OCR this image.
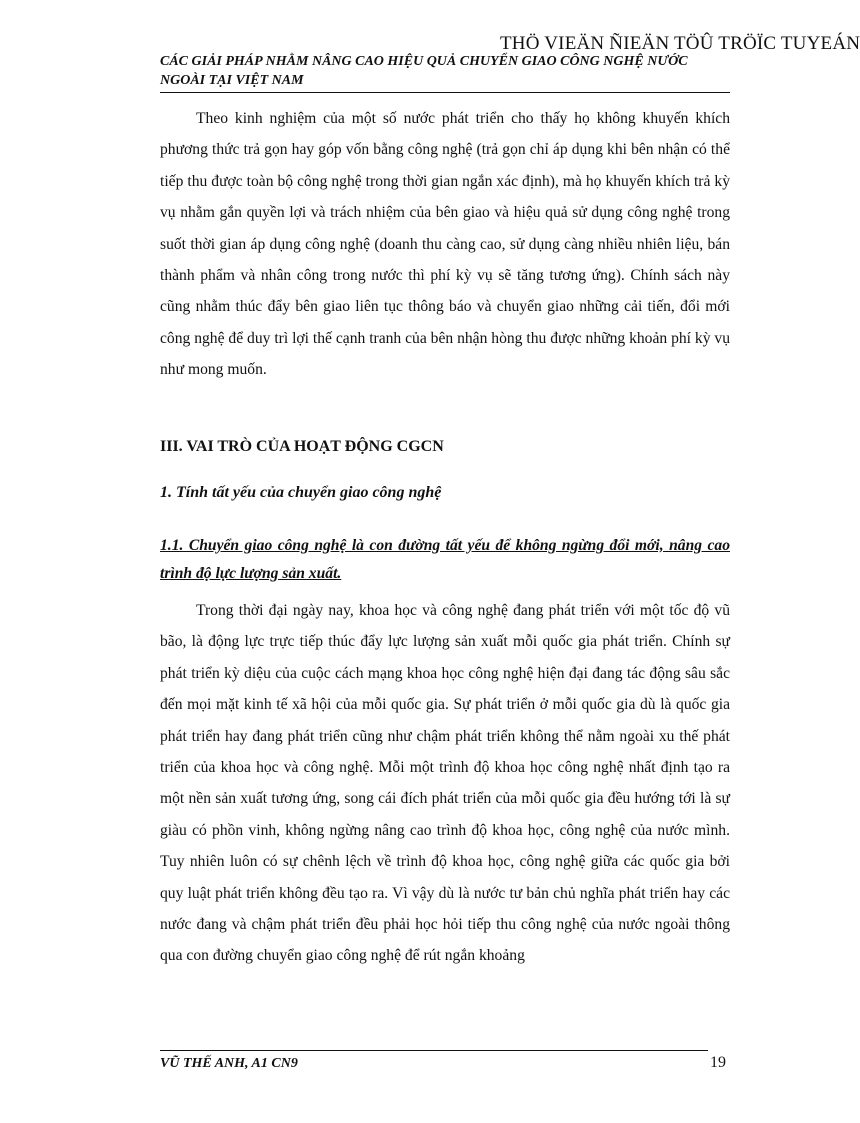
THÖ VIEÄN ÑIEÄN TÖÛ TRÖÏC TUYEÁN
CÁC GIẢI PHÁP NHẰM NÂNG CAO HIỆU QUẢ CHUYỂN GIAO CÔNG NGHỆ NƯỚC NGOÀI TẠI VIỆT NAM

Theo kinh nghiệm của một số nước phát triển cho thấy họ không khuyến khích phương thức trả gọn hay góp vốn bằng công nghệ (trả gọn chỉ áp dụng khi bên nhận có thể tiếp thu được toàn bộ công nghệ trong thời gian ngắn xác định), mà họ khuyến khích trả kỳ vụ nhằm gắn quyền lợi và trách nhiệm của bên giao và hiệu quả sử dụng công nghệ trong suốt thời gian áp dụng công nghệ (doanh thu càng cao, sử dụng càng nhiều nhiên liệu, bán thành phẩm và nhân công trong nước thì phí kỳ vụ sẽ tăng tương ứng). Chính sách này cũng nhằm thúc đẩy bên giao liên tục thông báo và chuyển giao những cải tiến, đổi mới công nghệ để duy trì lợi thế cạnh tranh của bên nhận hòng thu được những khoản phí kỳ vụ như mong muốn.

III. VAI TRÒ CỦA HOẠT ĐỘNG CGCN
1. Tính tất yếu của chuyển giao công nghệ
1.1. Chuyển giao công nghệ là con đường tất yếu để không ngừng đổi mới, nâng cao trình độ lực lượng sản xuất.

Trong thời đại ngày nay, khoa học và công nghệ đang phát triển với một tốc độ vũ bão, là động lực trực tiếp thúc đẩy lực lượng sản xuất mỗi quốc gia phát triển. Chính sự phát triển kỳ diệu của cuộc cách mạng khoa học công nghệ hiện đại đang tác động sâu sắc đến mọi mặt kinh tế xã hội của mỗi quốc gia. Sự phát triển ở mỗi quốc gia dù là quốc gia phát triển hay đang phát triển cũng như chậm phát triển không thể nằm ngoài xu thế phát triển của khoa học và công nghệ. Mỗi một trình độ khoa học công nghệ nhất định tạo ra một nền sản xuất tương ứng, song cái đích phát triển của mỗi quốc gia đều hướng tới là sự giàu có phồn vinh, không ngừng nâng cao trình độ khoa học, công nghệ của nước mình. Tuy nhiên luôn có sự chênh lệch về trình độ khoa học, công nghệ giữa các quốc gia bởi quy luật phát triển không đều tạo ra. Vì vậy dù là nước tư bản chủ nghĩa phát triển hay các nước đang và chậm phát triển đều phải học hỏi tiếp thu công nghệ của nước ngoài thông qua con đường chuyển giao công nghệ để rút ngắn khoảng

VŨ THẾ ANH, A1 CN9	19
